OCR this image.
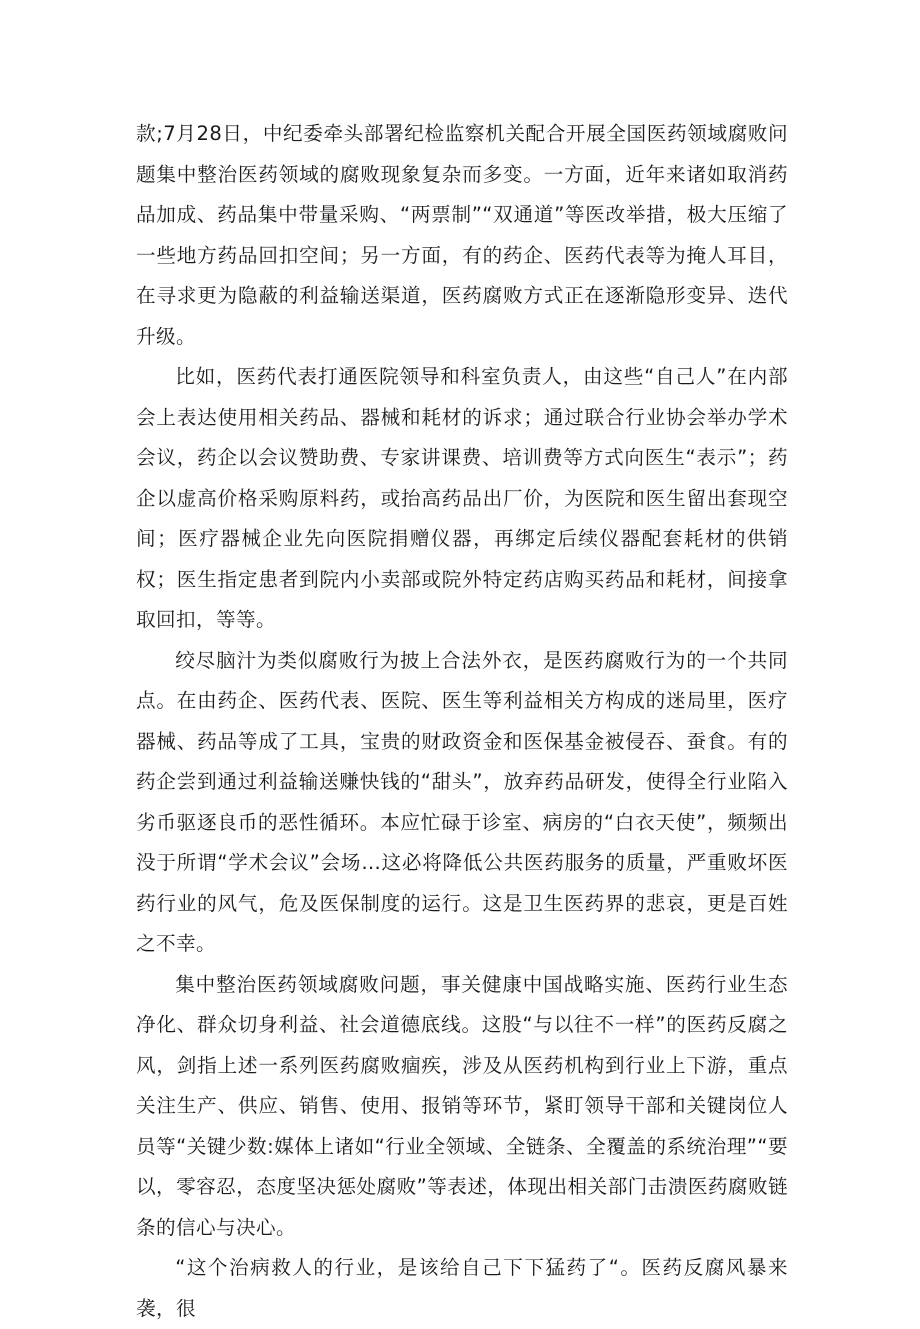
款;7月28日，中纪委牵头部署纪检监察机关配合开展全国医药领域腐败问题集中整治医药领域的腐败现象复杂而多变。一方面，近年来诸如取消药品加成、药品集中带量采购、“两票制”“双通道”等医改举措，极大压缩了一些地方药品回扣空间；另一方面，有的药企、医药代表等为掩人耳目，在寻求更为隐蔽的利益输送渠道，医药腐败方式正在逐渐隐形变异、迭代升级。

比如，医药代表打通医院领导和科室负责人，由这些“自己人”在内部会上表达使用相关药品、器械和耗材的诉求；通过联合行业协会举办学术会议，药企以会议赞助费、专家讲课费、培训费等方式向医生“表示”；药企以虚高价格采购原料药，或抬高药品出厂价，为医院和医生留出套现空间；医疗器械企业先向医院捐赠仪器，再绑定后续仪器配套耗材的供销权；医生指定患者到院内小卖部或院外特定药店购买药品和耗材，间接拿取回扣，等等。

绞尽脑汁为类似腐败行为披上合法外衣，是医药腐败行为的一个共同点。在由药企、医药代表、医院、医生等利益相关方构成的迷局里，医疗器械、药品等成了工具，宝贵的财政资金和医保基金被侵吞、蚕食。有的药企尝到通过利益输送赚快钱的“甜头”，放弃药品研发，使得全行业陷入劣币驱逐良币的恶性循环。本应忙碌于诊室、病房的“白衣天使”，频频出没于所谓“学术会议”会场…这必将降低公共医药服务的质量，严重败坏医药行业的风气，危及医保制度的运行。这是卫生医药界的悲哀，更是百姓之不幸。

集中整治医药领域腐败问题，事关健康中国战略实施、医药行业生态净化、群众切身利益、社会道德底线。这股“与以往不一样”的医药反腐之风，剑指上述一系列医药腐败痼疾，涉及从医药机构到行业上下游，重点关注生产、供应、销售、使用、报销等环节，紧盯领导干部和关键岗位人员等“关键少数:媒体上诸如“行业全领域、全链条、全覆盖的系统治理”“要以，零容忍，态度坚决惩处腐败”等表述，体现出相关部门击溃医药腐败链条的信心与决心。

“这个治病救人的行业，是该给自己下下猛药了“。医药反腐风暴来袭，很
